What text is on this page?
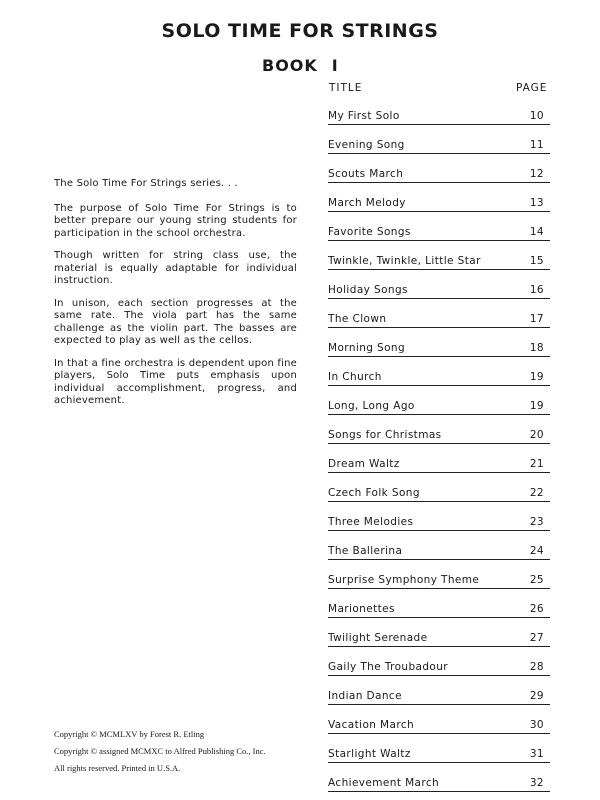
SOLO TIME FOR STRINGS
BOOK I
TITLE	PAGE
My First Solo	10
Evening Song	11
Scouts March	12
March Melody	13
Favorite Songs	14
Twinkle, Twinkle, Little Star	15
Holiday Songs	16
The Clown	17
Morning Song	18
In Church	19
Long, Long Ago	19
Songs for Christmas	20
Dream Waltz	21
Czech Folk Song	22
Three Melodies	23
The Ballerina	24
Surprise Symphony Theme	25
Marionettes	26
Twilight Serenade	27
Gaily The Troubadour	28
Indian Dance	29
Vacation March	30
Starlight Waltz	31
Achievement March	32

The Solo Time For Strings series. . .

The purpose of Solo Time For Strings is to better prepare our young string students for participation in the school orchestra.

Though written for string class use, the material is equally adaptable for individual instruction.

In unison, each section progresses at the same rate. The viola part has the same challenge as the violin part. The basses are expected to play as well as the cellos.

In that a fine orchestra is dependent upon fine players, Solo Time puts emphasis upon individual accomplishment, progress, and achievement.

Copyright © MCMLXV by Forest R. Etling
Copyright © assigned MCMXC to Alfred Publishing Co., Inc.
All rights reserved. Printed in U.S.A.
